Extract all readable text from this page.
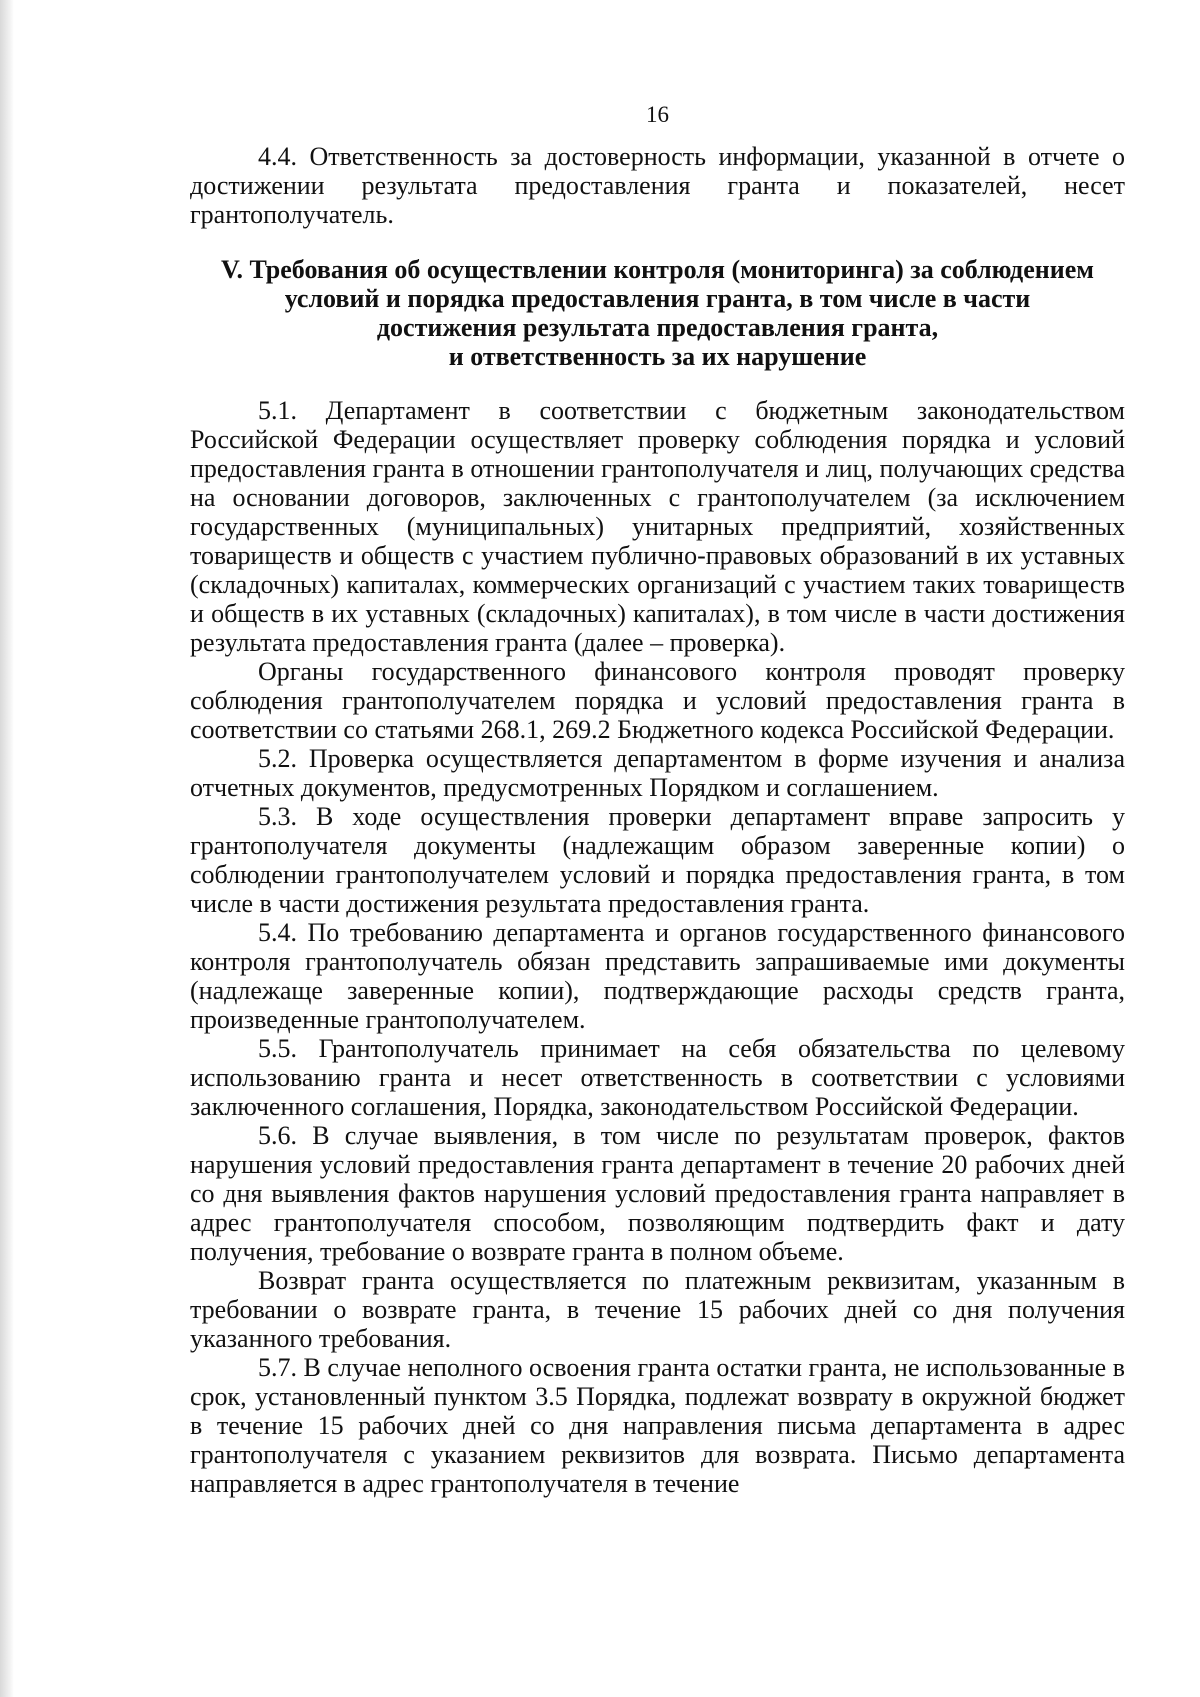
16

4.4. Ответственность за достоверность информации, указанной в отчете о достижении результата предоставления гранта и показателей, несет грантополучатель.

V. Требования об осуществлении контроля (мониторинга) за соблюдением
условий и порядка предоставления гранта, в том числе в части
достижения результата предоставления гранта,
и ответственность за их нарушение

5.1. Департамент в соответствии с бюджетным законодательством Российской Федерации осуществляет проверку соблюдения порядка и условий предоставления гранта в отношении грантополучателя и лиц, получающих средства на основании договоров, заключенных с грантополучателем (за исключением государственных (муниципальных) унитарных предприятий, хозяйственных товариществ и обществ с участием публично-правовых образований в их уставных (складочных) капиталах, коммерческих организаций с участием таких товариществ и обществ в их уставных (складочных) капиталах), в том числе в части достижения результата предоставления гранта (далее – проверка).

Органы государственного финансового контроля проводят проверку соблюдения грантополучателем порядка и условий предоставления гранта в соответствии со статьями 268.1, 269.2 Бюджетного кодекса Российской Федерации.

5.2. Проверка осуществляется департаментом в форме изучения и анализа отчетных документов, предусмотренных Порядком и соглашением.

5.3. В ходе осуществления проверки департамент вправе запросить у грантополучателя документы (надлежащим образом заверенные копии) о соблюдении грантополучателем условий и порядка предоставления гранта, в том числе в части достижения результата предоставления гранта.

5.4. По требованию департамента и органов государственного финансового контроля грантополучатель обязан представить запрашиваемые ими документы (надлежаще заверенные копии), подтверждающие расходы средств гранта, произведенные грантополучателем.

5.5. Грантополучатель принимает на себя обязательства по целевому использованию гранта и несет ответственность в соответствии с условиями заключенного соглашения, Порядка, законодательством Российской Федерации.

5.6. В случае выявления, в том числе по результатам проверок, фактов нарушения условий предоставления гранта департамент в течение 20 рабочих дней со дня выявления фактов нарушения условий предоставления гранта направляет в адрес грантополучателя способом, позволяющим подтвердить факт и дату получения, требование о возврате гранта в полном объеме.

Возврат гранта осуществляется по платежным реквизитам, указанным в требовании о возврате гранта, в течение 15 рабочих дней со дня получения указанного требования.

5.7. В случае неполного освоения гранта остатки гранта, не использованные в срок, установленный пунктом 3.5 Порядка, подлежат возврату в окружной бюджет в течение 15 рабочих дней со дня направления письма департамента в адрес грантополучателя с указанием реквизитов для возврата. Письмо департамента направляется в адрес грантополучателя в течение
